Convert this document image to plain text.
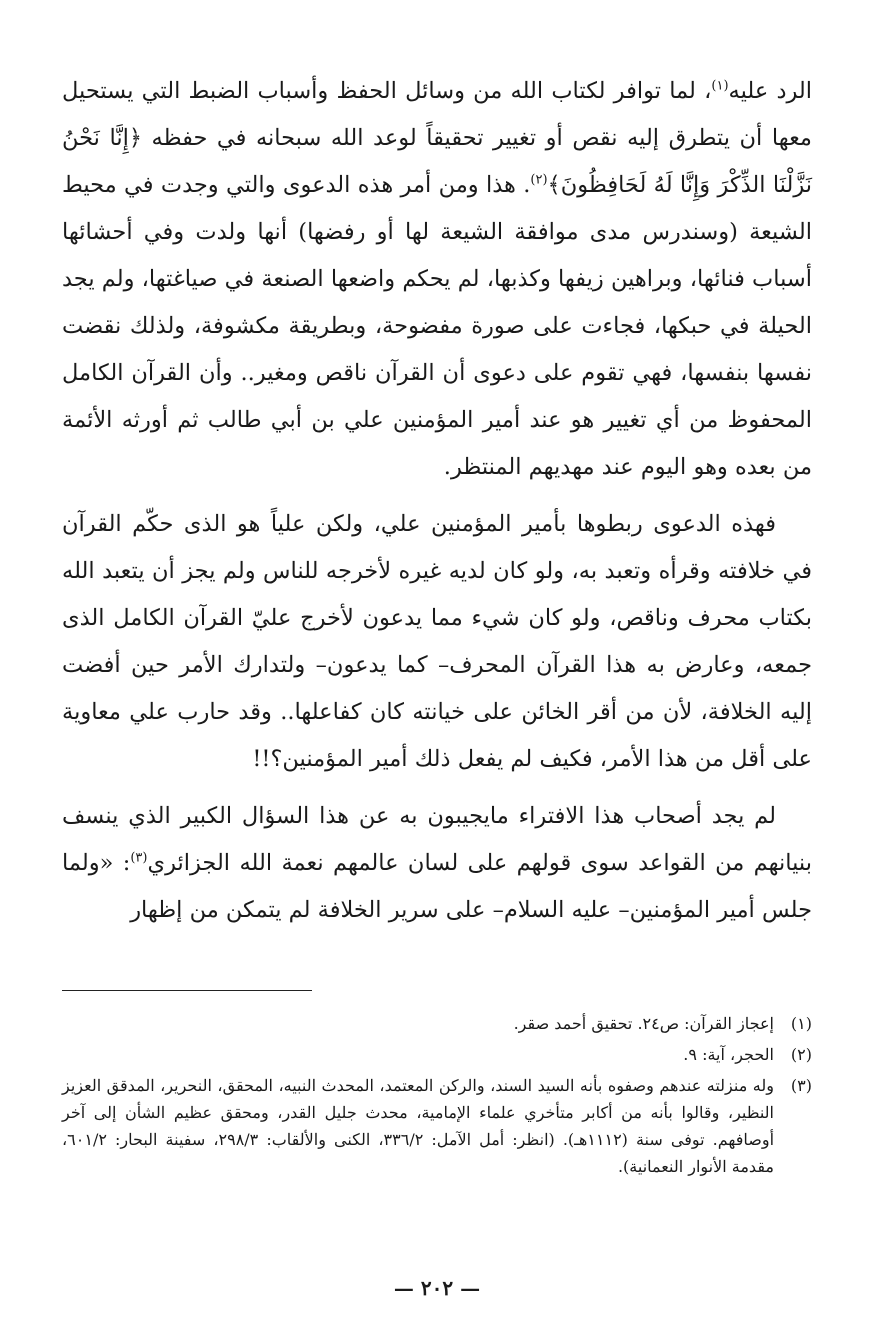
الرد عليه$^{(١)}$، لما توافر لكتاب الله من وسائل الحفظ وأسباب الضبط التي يستحيل معها أن يتطرق إليه نقص أو تغيير تحقيقاً لوعد الله سبحانه في حفظه ﴿إِنَّا نَحْنُ نَزَّلْنَا الذِّكْرَ وَإِنَّا لَهُ لَحَافِظُونَ﴾$^{(٢)}$. هذا ومن أمر هذه الدعوى والتي وجدت في محيط الشيعة (وسندرس مدى موافقة الشيعة لها أو رفضها) أنها ولدت وفي أحشائها أسباب فنائها، وبراهين زيفها وكذبها، لم يحكم واضعها الصنعة في صياغتها، ولم يجد الحيلة في حبكها، فجاءت على صورة مفضوحة، وبطريقة مكشوفة، ولذلك نقضت نفسها بنفسها، فهي تقوم على دعوى أن القرآن ناقص ومغير.. وأن القرآن الكامل المحفوظ من أي تغيير هو عند أمير المؤمنين علي بن أبي طالب ثم أورثه الأئمة من بعده وهو اليوم عند مهديهم المنتظر.

فهذه الدعوى ربطوها بأمير المؤمنين علي، ولكن علياً هو الذى حكّم القرآن في خلافته وقرأه وتعبد به، ولو كان لديه غيره لأخرجه للناس ولم يجز أن يتعبد الله بكتاب محرف وناقص، ولو كان شيء مما يدعون لأخرج عليّ القرآن الكامل الذى جمعه، وعارض به هذا القرآن المحرف– كما يدعون– ولتدارك الأمر حين أفضت إليه الخلافة، لأن من أقر الخائن على خيانته كان كفاعلها.. وقد حارب علي معاوية على أقل من هذا الأمر، فكيف لم يفعل ذلك أمير المؤمنين؟!!

لم يجد أصحاب هذا الافتراء مايجيبون به عن هذا السؤال الكبير الذي ينسف بنيانهم من القواعد سوى قولهم على لسان عالمهم نعمة الله الجزائري$^{(٣)}$: «ولما جلس أمير المؤمنين– عليه السلام– على سرير الخلافة لم يتمكن من إظهار

(١)
إعجاز القرآن: ص٢٤. تحقيق أحمد صقر.
(٢)
الحجر، آية: ٩.
(٣)
وله منزلته عندهم وصفوه بأنه السيد السند، والركن المعتمد، المحدث النبيه، المحقق، النحرير، المدقق العزيز النظير، وقالوا بأنه من أكابر متأخري علماء الإمامية، محدث جليل القدر، ومحقق عظيم الشأن إلى آخر أوصافهم. توفى سنة (١١١٢هـ). (انظر: أمل الآمل: ٣٣٦/٢، الكنى والألقاب: ٢٩٨/٣، سفينة البحار: ٦٠١/٢، مقدمة الأنوار النعمانية).
— ٢٠٢ —
